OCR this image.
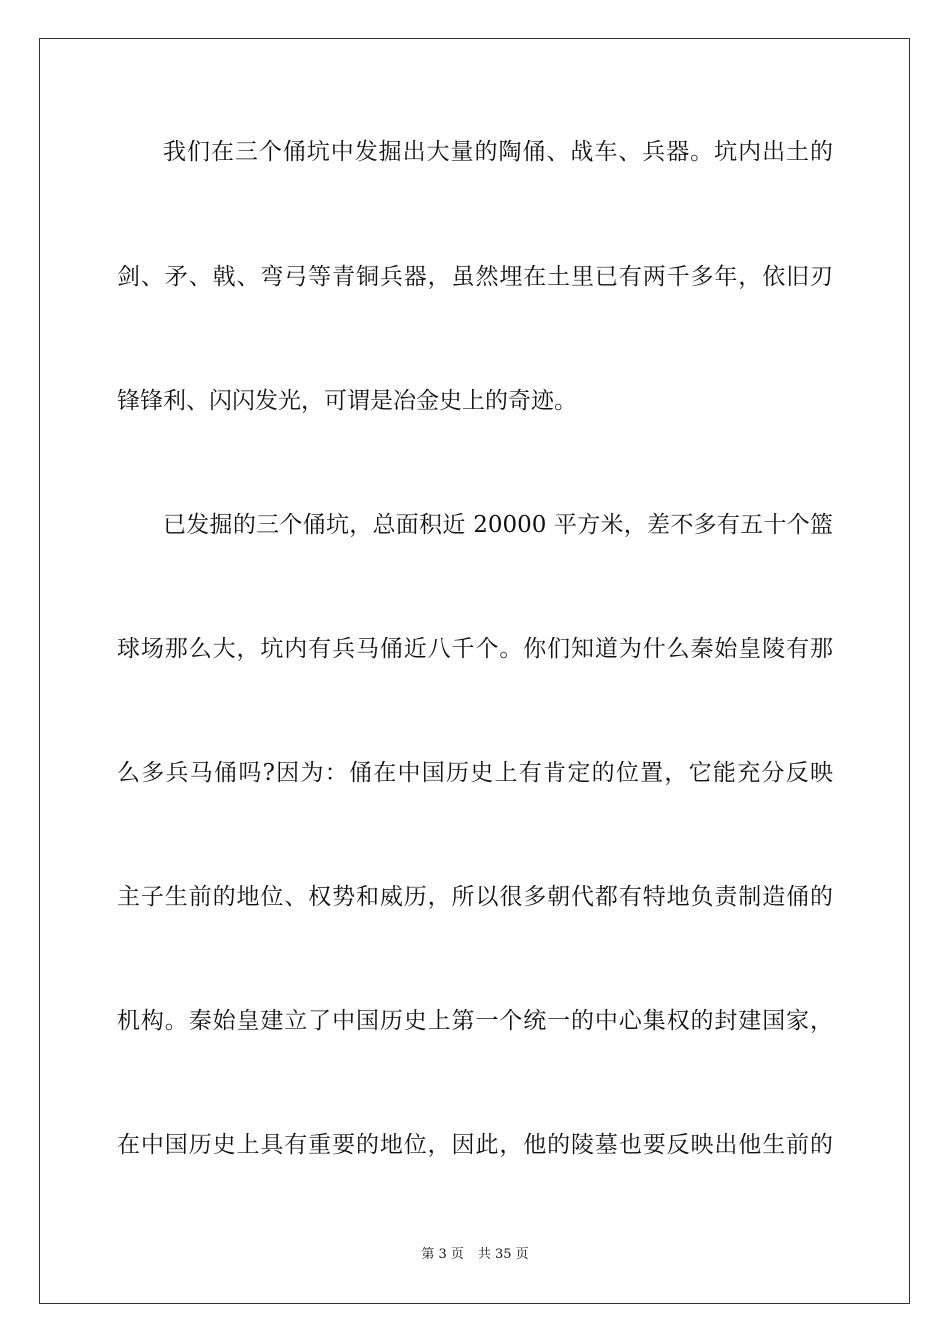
我们在三个俑坑中发掘出大量的陶俑、战车、兵器。坑内出土的
剑、矛、戟、弯弓等青铜兵器，虽然埋在土里已有两千多年，依旧刃
锋锋利、闪闪发光，可谓是冶金史上的奇迹。
已发掘的三个俑坑，总面积近 20000 平方米，差不多有五十个篮
球场那么大，坑内有兵马俑近八千个。你们知道为什么秦始皇陵有那
么多兵马俑吗?因为：俑在中国历史上有肯定的位置，它能充分反映
主子生前的地位、权势和威历，所以很多朝代都有特地负责制造俑的
机构。秦始皇建立了中国历史上第一个统一的中心集权的封建国家，
在中国历史上具有重要的地位，因此，他的陵墓也要反映出他生前的
第 3 页 共 35 页
